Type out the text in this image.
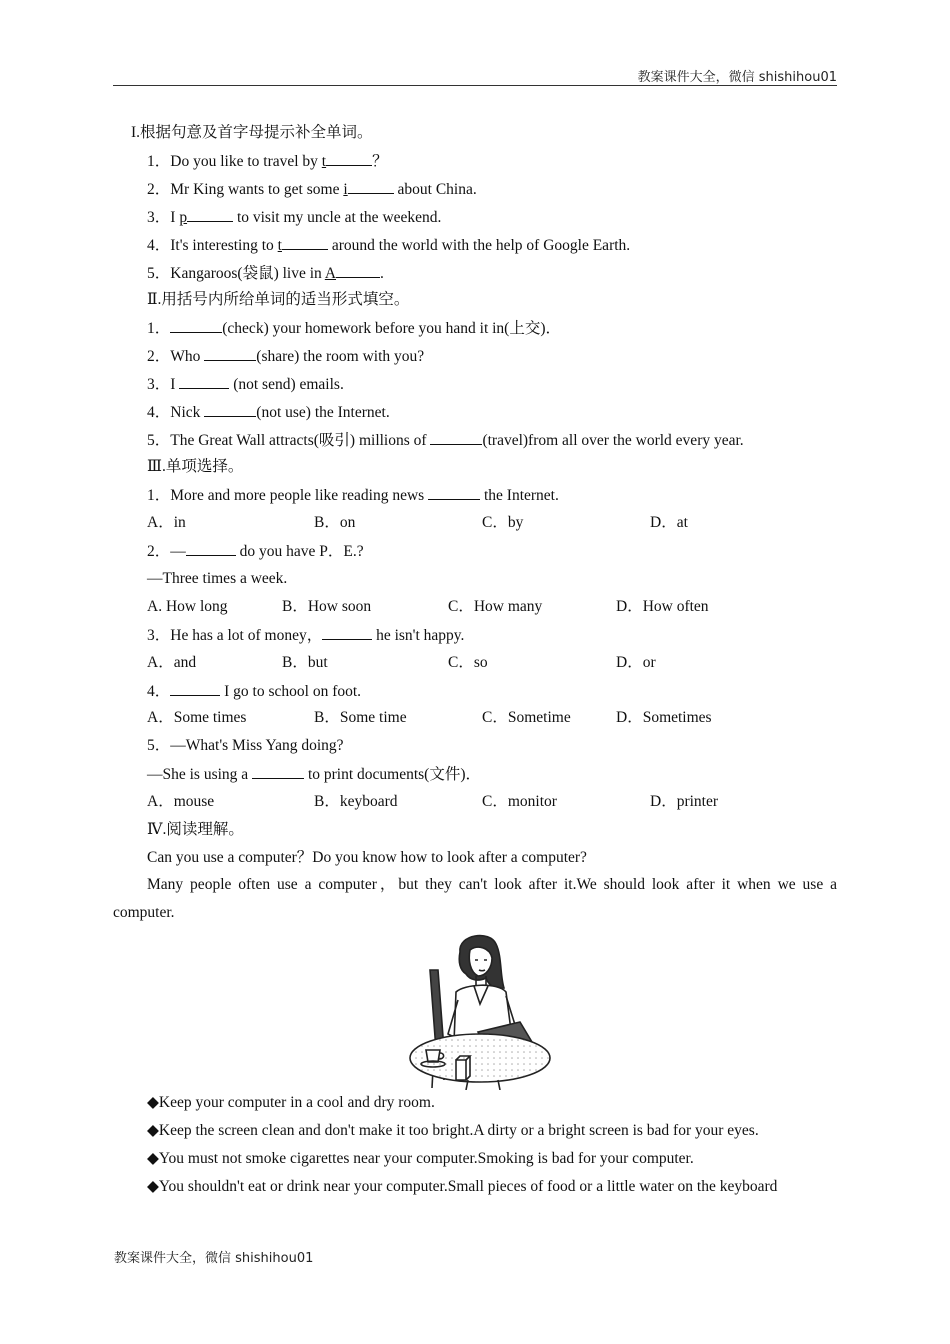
教案课件大全，微信 shishihou01
I.根据句意及首字母提示补全单词。
1．Do you like to travel by t	？
2．Mr King wants to get some i	about China.
3．I p	to visit my uncle at the weekend.
4．It's interesting to t	around the world with the help of Google Earth.
5．Kangaroos(袋鼠) live in A	.
Ⅱ.用括号内所给单词的适当形式填空。
1．	(check) your homework before you hand it in(上交)．
2．Who	(share) the room with you?
3．I	(not send) emails.
4．Nick	(not use) the Internet.
5．The Great Wall attracts(吸引) millions of	(travel)from all over the world every year.
Ⅲ.单项选择。
1．More and more people like reading news	the Internet.
A．in	B．on	C．by	D．at
2．—	do you have P．E.?
—Three times a week.
A. How long	B．How soon	C．How many	D．How often
3．He has a lot of money，	he isn't happy.
A．and	B．but	C．so	D．or
4．	I go to school on foot.
A．Some times	B．Some time	C．Sometime	D．Sometimes
5．—What's Miss Yang doing?
—She is using a	to print documents(文件)．
A．mouse	B．keyboard	C．monitor	D．printer
Ⅳ.阅读理解。
Can you use a computer？Do you know how to look after a computer?
Many people often use a computer，but they can't look after it.We should look after it when we use a computer.
◆Keep your computer in a cool and dry room.
◆Keep the screen clean and don't make it too bright.A dirty or a bright screen is bad for your eyes.
◆You must not smoke cigarettes near your computer.Smoking is bad for your computer.
◆You shouldn't eat or drink near your computer.Small pieces of food or a little water on the keyboard
教案课件大全，微信 shishihou01
